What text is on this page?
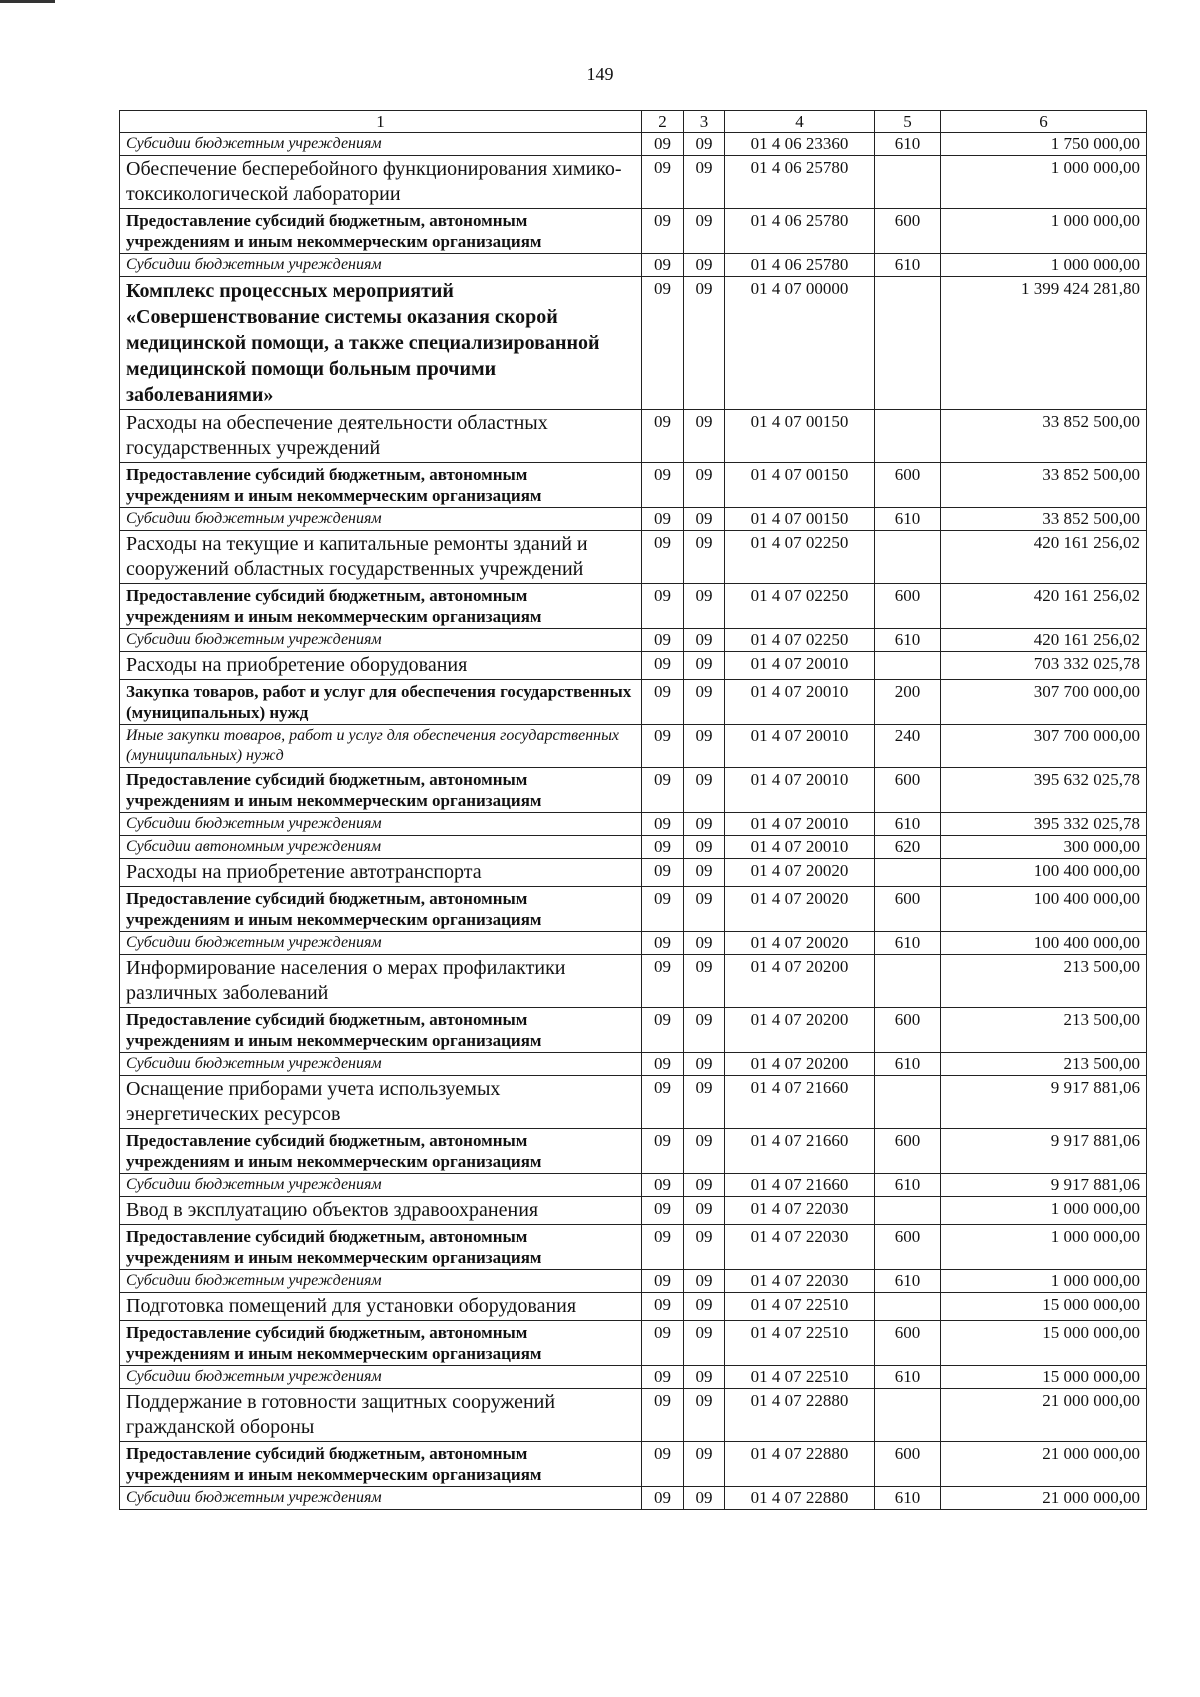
149
1	2	3	4	5	6
Субсидии бюджетным учреждениям	09	09	01 4 06 23360	610	1 750 000,00
Обеспечение бесперебойного функционирования химико-токсикологической лаборатории	09	09	01 4 06 25780		1 000 000,00
Предоставление субсидий бюджетным, автономным учреждениям и иным некоммерческим организациям	09	09	01 4 06 25780	600	1 000 000,00
Субсидии бюджетным учреждениям	09	09	01 4 06 25780	610	1 000 000,00
Комплекс процессных мероприятий «Совершенствование системы оказания скорой медицинской помощи, а также специализированной медицинской помощи больным прочими заболеваниями»	09	09	01 4 07 00000		1 399 424 281,80
Расходы на обеспечение деятельности областных государственных учреждений	09	09	01 4 07 00150		33 852 500,00
Предоставление субсидий бюджетным, автономным учреждениям и иным некоммерческим организациям	09	09	01 4 07 00150	600	33 852 500,00
Субсидии бюджетным учреждениям	09	09	01 4 07 00150	610	33 852 500,00
Расходы на текущие и капитальные ремонты зданий и сооружений областных государственных учреждений	09	09	01 4 07 02250		420 161 256,02
Предоставление субсидий бюджетным, автономным учреждениям и иным некоммерческим организациям	09	09	01 4 07 02250	600	420 161 256,02
Субсидии бюджетным учреждениям	09	09	01 4 07 02250	610	420 161 256,02
Расходы на приобретение оборудования	09	09	01 4 07 20010		703 332 025,78
Закупка товаров, работ и услуг для обеспечения государственных (муниципальных) нужд	09	09	01 4 07 20010	200	307 700 000,00
Иные закупки товаров, работ и услуг для обеспечения государственных (муниципальных) нужд	09	09	01 4 07 20010	240	307 700 000,00
Предоставление субсидий бюджетным, автономным учреждениям и иным некоммерческим организациям	09	09	01 4 07 20010	600	395 632 025,78
Субсидии бюджетным учреждениям	09	09	01 4 07 20010	610	395 332 025,78
Субсидии автономным учреждениям	09	09	01 4 07 20010	620	300 000,00
Расходы на приобретение автотранспорта	09	09	01 4 07 20020		100 400 000,00
Предоставление субсидий бюджетным, автономным учреждениям и иным некоммерческим организациям	09	09	01 4 07 20020	600	100 400 000,00
Субсидии бюджетным учреждениям	09	09	01 4 07 20020	610	100 400 000,00
Информирование населения о мерах профилактики различных заболеваний	09	09	01 4 07 20200		213 500,00
Предоставление субсидий бюджетным, автономным учреждениям и иным некоммерческим организациям	09	09	01 4 07 20200	600	213 500,00
Субсидии бюджетным учреждениям	09	09	01 4 07 20200	610	213 500,00
Оснащение приборами учета используемых энергетических ресурсов	09	09	01 4 07 21660		9 917 881,06
Предоставление субсидий бюджетным, автономным учреждениям и иным некоммерческим организациям	09	09	01 4 07 21660	600	9 917 881,06
Субсидии бюджетным учреждениям	09	09	01 4 07 21660	610	9 917 881,06
Ввод в эксплуатацию объектов здравоохранения	09	09	01 4 07 22030		1 000 000,00
Предоставление субсидий бюджетным, автономным учреждениям и иным некоммерческим организациям	09	09	01 4 07 22030	600	1 000 000,00
Субсидии бюджетным учреждениям	09	09	01 4 07 22030	610	1 000 000,00
Подготовка помещений для установки оборудования	09	09	01 4 07 22510		15 000 000,00
Предоставление субсидий бюджетным, автономным учреждениям и иным некоммерческим организациям	09	09	01 4 07 22510	600	15 000 000,00
Субсидии бюджетным учреждениям	09	09	01 4 07 22510	610	15 000 000,00
Поддержание в готовности защитных сооружений гражданской обороны	09	09	01 4 07 22880		21 000 000,00
Предоставление субсидий бюджетным, автономным учреждениям и иным некоммерческим организациям	09	09	01 4 07 22880	600	21 000 000,00
Субсидии бюджетным учреждениям	09	09	01 4 07 22880	610	21 000 000,00
